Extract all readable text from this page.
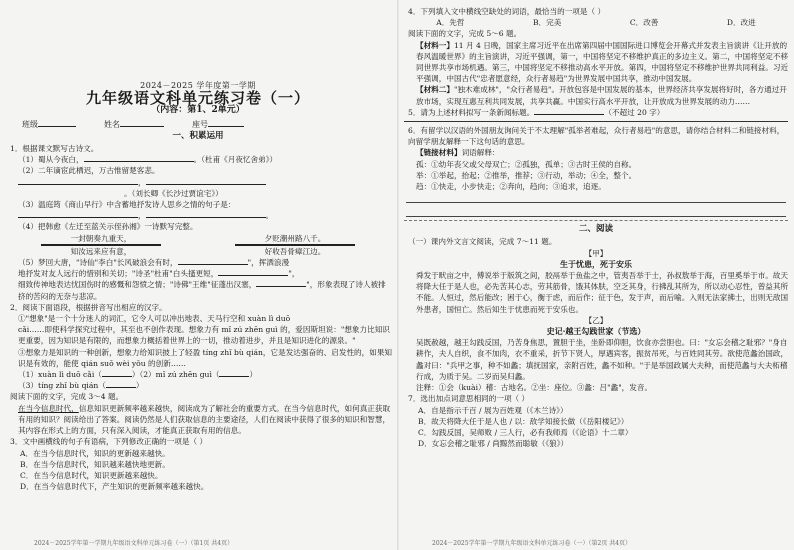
2024－2025 学年度第一学期
九年级语文科单元练习卷（一）
（内容：第1、2单元）
班级	姓名	座号
一、积累运用
1．根据课文默写古诗文。
（1）蜀从今夜白，	。（杜甫《月夜忆舍弟》）
（2）二年谪宦此栖迟，万古惟留楚客悲。
，
。（刘长卿《长沙过贾谊宅》）
（3）温庭筠《商山早行》中含蓄地抒发诗人思乡之情的句子是：
，	。
（4）把韩愈《左迁至蓝关示侄孙湘》一诗默写完整。
一封朝奏九重天，	夕贬潮州路八千。
知汝远来应有意，	好收吾骨瘴江边。
（5）梦回大唐，"诗仙"李白"长风破浪会有时，	"，挥洒浪漫
地抒发对友人远行的惜别和关切；"诗圣"杜甫"白头搔更短，	"，
细致传神地表达忧国伤时的感慨和怨愤之情；"诗佛"王维"征蓬出汉塞，	"，形象表现了诗人被排挤的苦闷的无奈与悲凉。
2．阅读下面语段，根据拼音写出相应的汉字。
①"想象"是一个十分迷人的词汇，它令人可以冲出地表、天马行空和 xuàn lì duō
cǎi……即使科学探究过程中，其至也不创作表现。想象力有 mǐ zú zhēn guì 的，爱因斯坦说："想象力比知识更重要，因为知识是有限的，而想象力概括着世界上的一切，推动着进步，并且是知识进化的源泉。"
③想象力是知识的一种创新，想象力给知识披上了轻盈 tíng zhǐ bù qián，它是发达强奋的、启发性的，如果知识是有效的，能使 qián suǒ wèi yǒu 的创新……
（1）xuàn lì duō cǎi（	）（2）mǐ zú zhēn guì（	）
（3）tíng zhǐ bù qián（	）
阅读下面的文字，完成 3～4 题。
在当今信息时代，信息知识更新频率越来越快，阅读成为了解社会的重要方式。在当今信息时代，如何真正获取有用的知识？阅读给出了答案。阅读仍然是人们获取信息的主要途径，人们在阅读中获得了很多的知识和智慧，其内容在形式上的方面，只有深入阅读，才能真正获取有用的信息。
3．文中画横线的句子有语病，下列修改正确的一项是（ ）
A．在当今信息时代，知识的更新越来越快。
B．在当今信息时代，知识越来越快地更新。
C．在当今信息时代，知识更新越来越快。
D．在当今信息时代下，产生知识的更新频率越来越快。
2024－2025学年第一学期九年级语文科单元练习卷（一）（第1页 共4页）
4．下列填入文中横线空缺处的词语，最恰当的一项是（ ）
A．先哲	B．完美	C．改善	D．改进
阅读下面的文字，完成 5～6 题。
【材料一】11 月 4 日晚，国家主席习近平在出席第四届中国国际进口博览会开幕式并发表主旨演讲《让开放的春风温暖世界》的主旨演讲，习近平强调，第一，中国将坚定不移维护真正的多边主义。第二，中国将坚定不移同世界共享市场机遇。第三，中国将坚定不移推动高水平开放。第四，中国将坚定不移维护世界共同利益。习近平强调，中国古代"忠者愿意经，众行者易趋"为世界发展中国共享，推动中国发展。
【材料二】"独木难成林"，"众行者易趋"。开放包容是中国发展的基本，世界经济共享发展将好时，各方通过开放市场，实现互惠互利共同发展，共享共赢。中国实行高水平开放，让开放成为世界发展的动力……
5．请为上述材料拟写一条新闻标题。	（不超过 20 字）
6．有留学以汉语的外国朋友询问关于不太理解"孤举者难起，众行者易趋"的意思，请你结合材料二和链接材料，向留学朋友解释一下这句话的意思。
【链接材料】词语解释：
孤：①幼年丧父或父母双亡；②孤独，孤单；③古时王侯的自称。
举：①举起，抬起；②推举，推荐；③行动，举动；④全，整个。
趋：①快走，小步快走；②奔向，趋向；③追求，追逐。
二、阅读
（一）课内外文言文阅读，完成 7～11 题。
【甲】
生于忧患，死于安乐
舜发于畎亩之中，傅说举于版筑之间，胶鬲举于鱼盐之中，管夷吾举于士，孙叔敖举于海，百里奚举于市。故天将降大任于是人也，必先苦其心志，劳其筋骨，饿其体肤，空乏其身，行拂乱其所为，所以动心忍性，曾益其所不能。人恒过，然后能改；困于心，衡于虑，而后作；征于色，发于声，而后喻。入则无法家拂士，出则无敌国外患者，国恒亡。然后知生于忧患而死于安乐也。
【乙】
史记·越王勾践世家（节选）
吴既赦越，越王勾践反国，乃苦身焦思，置胆于坐，坐卧即仰胆，饮食亦尝胆也。曰："女忘会稽之耻邪？"身自耕作，夫人自织，食不加肉，衣不重采，折节下贤人，厚遇宾客，振贫吊死，与百姓同其劳。欲使范蠡治国政，蠡对曰："兵甲之事，种不如蠡；填抚国家，亲附百姓，蠡不如种。"于是举国政属大夫种，而使范蠡与大夫柘稽行成，为质于吴。二岁而吴归蠡。
注释：①会（kuài）稽：古地名。②坐：座位。③蠡：吕"蠡"，发音。
7．选出加点词意思相同的一项（ ）
A．自是指示千百 / 展为百姓观（《木兰诗》）
B．故天将降大任于是人也 / 以：敌学知接长做（《岳阳楼记》）
C．勾践反国，吴师败 / 三人行，必有我师焉（《论语》十二章）
D．女忘会稽之耻邪 / 尚黥然而聪敏（《狼》）
2024－2025学年第一学期九年级语文科单元练习卷（一）（第2页 共4页）
